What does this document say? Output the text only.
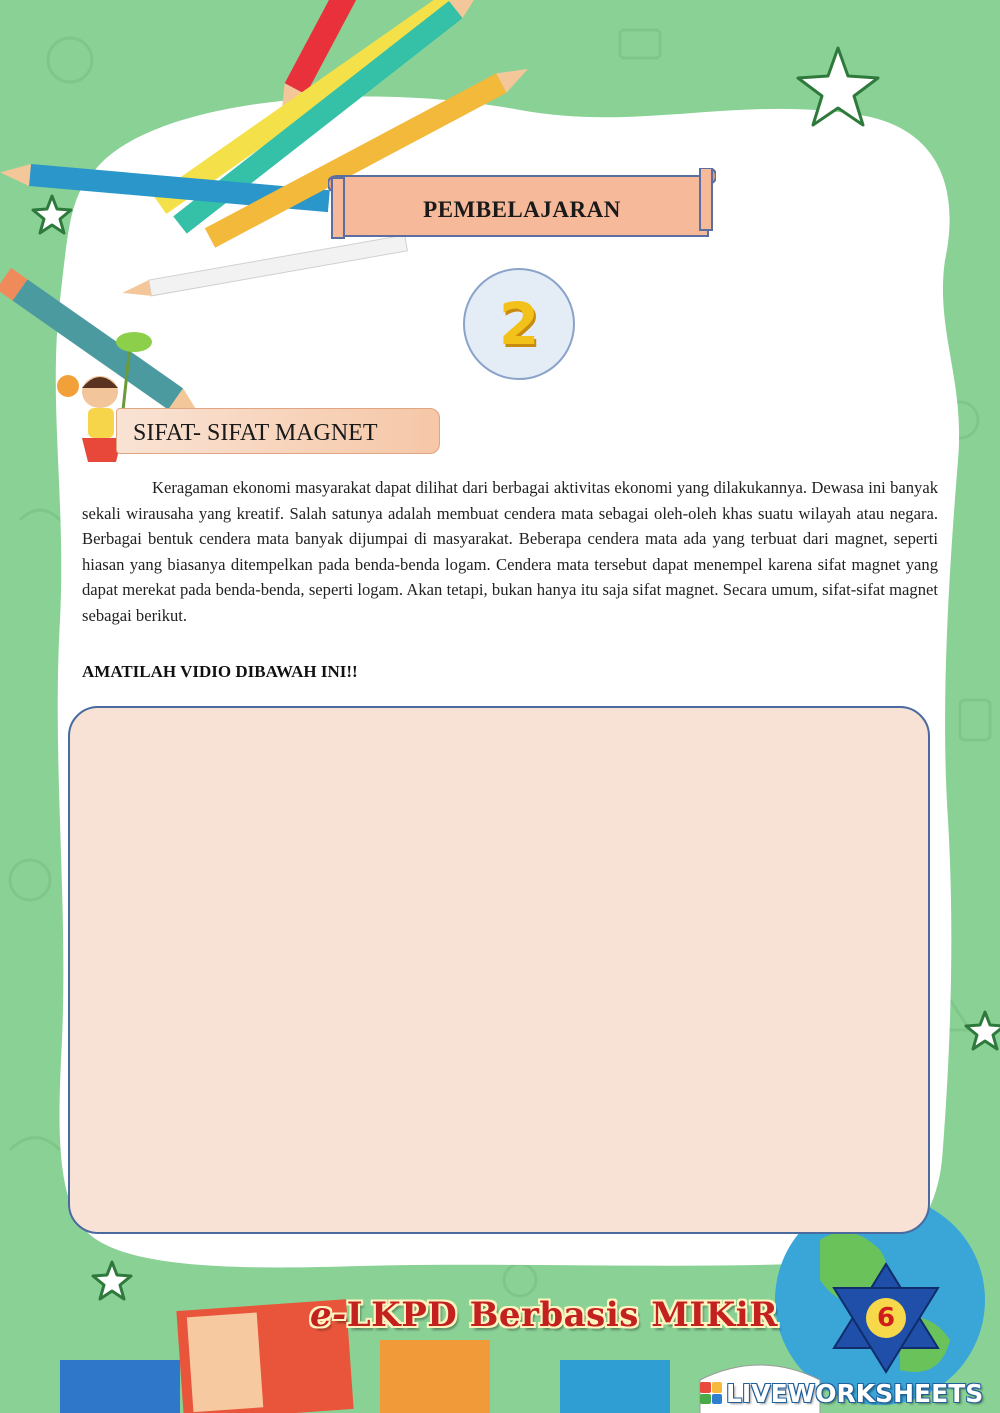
PEMBELAJARAN
2
SIFAT- SIFAT MAGNET

Keragaman ekonomi masyarakat dapat dilihat dari berbagai aktivitas ekonomi yang dilakukannya. Dewasa ini banyak sekali wirausaha yang kreatif. Salah satunya adalah membuat cendera mata sebagai oleh-oleh khas suatu wilayah atau negara. Berbagai bentuk cendera mata banyak dijumpai di masyarakat. Beberapa cendera mata ada yang terbuat dari magnet, seperti hiasan yang biasanya ditempelkan pada benda-benda logam. Cendera mata tersebut dapat menempel karena sifat magnet yang dapat merekat pada benda-benda, seperti logam. Akan tetapi, bukan hanya itu saja sifat magnet. Secara umum, sifat-sifat magnet sebagai berikut.

AMATILAH VIDIO DIBAWAH INI!!
e-LKPD Berbasis MIKiR	6
LIVEWORKSHEETS
